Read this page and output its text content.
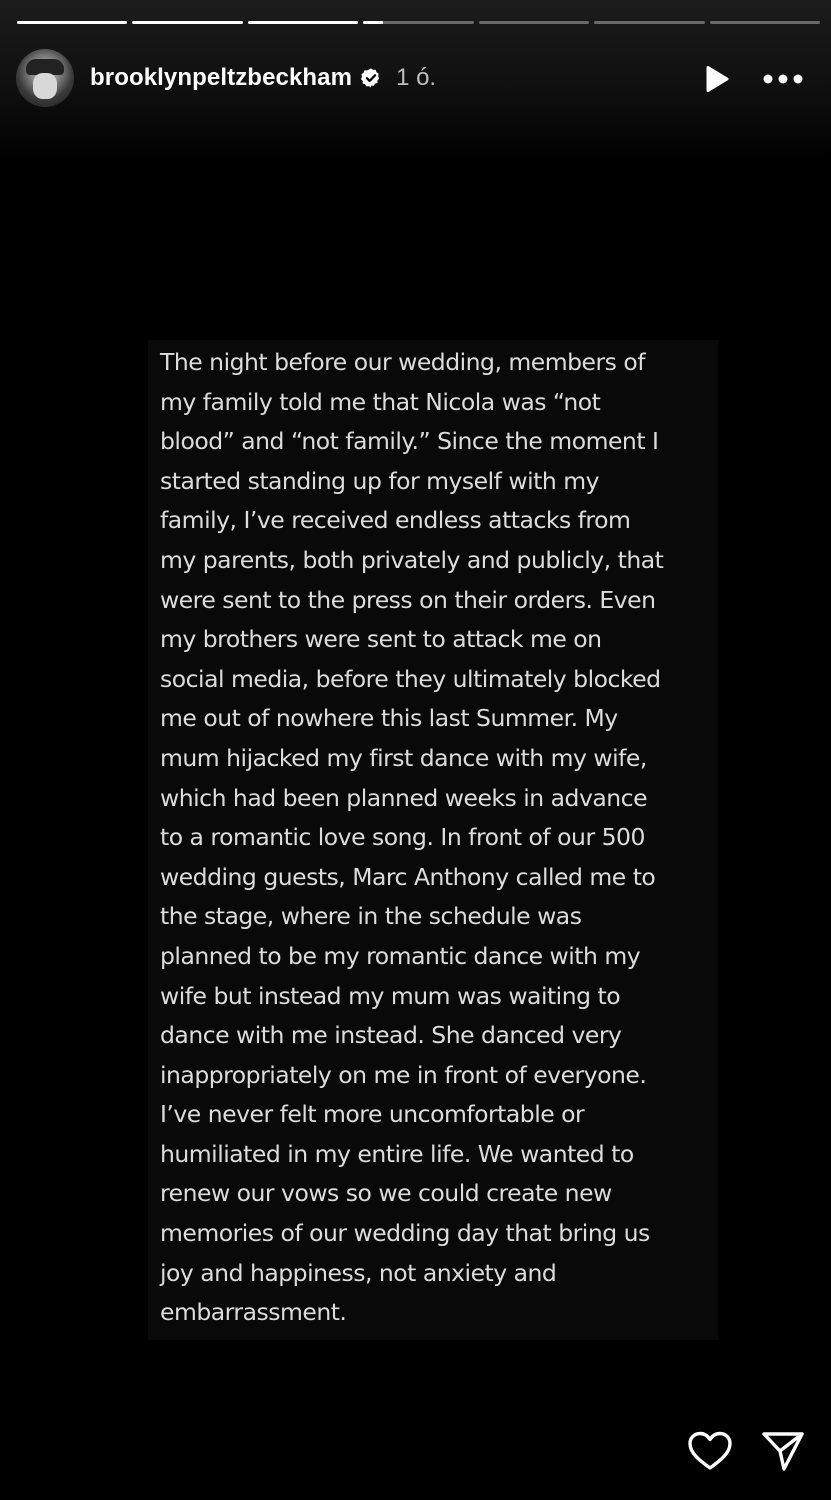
brooklynpeltzbeckham 1 ó.

The night before our wedding, members of
my family told me that Nicola was “not
blood” and “not family.” Since the moment I
started standing up for myself with my
family, I’ve received endless attacks from
my parents, both privately and publicly, that
were sent to the press on their orders. Even
my brothers were sent to attack me on
social media, before they ultimately blocked
me out of nowhere this last Summer. My
mum hijacked my first dance with my wife,
which had been planned weeks in advance
to a romantic love song. In front of our 500
wedding guests, Marc Anthony called me to
the stage, where in the schedule was
planned to be my romantic dance with my
wife but instead my mum was waiting to
dance with me instead. She danced very
inappropriately on me in front of everyone.
I’ve never felt more uncomfortable or
humiliated in my entire life. We wanted to
renew our vows so we could create new
memories of our wedding day that bring us
joy and happiness, not anxiety and
embarrassment.
